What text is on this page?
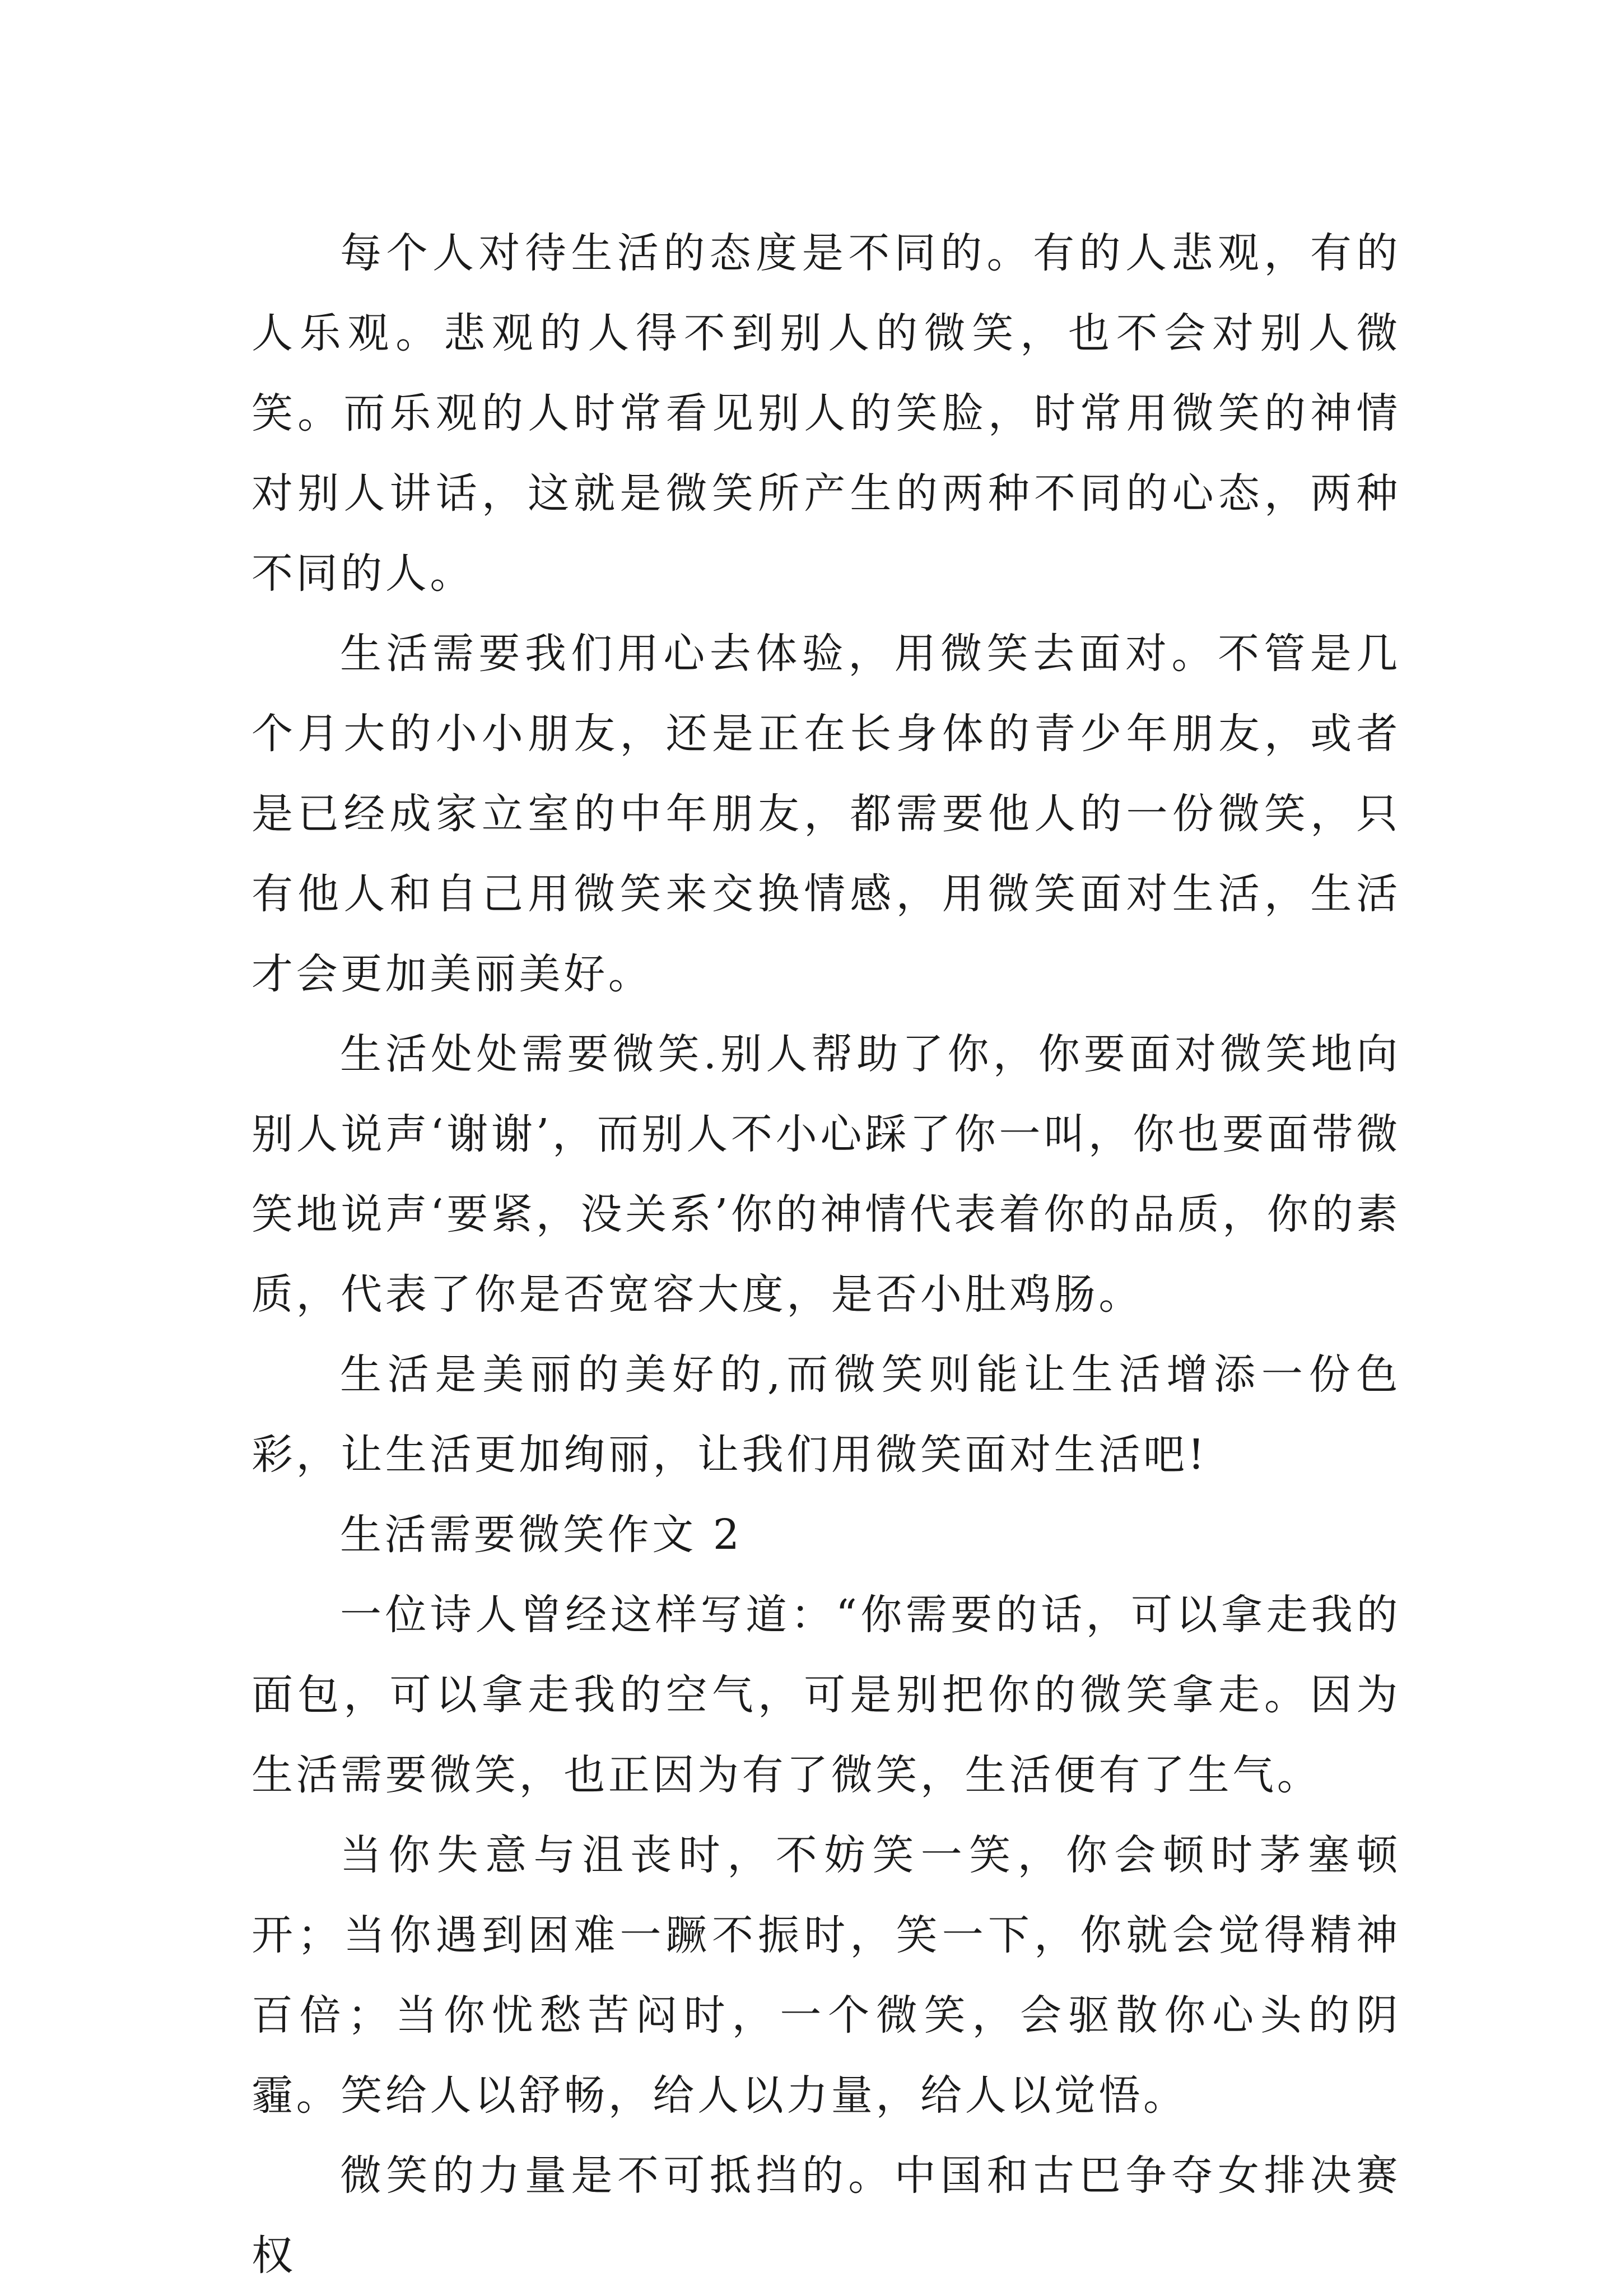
每个人对待生活的态度是不同的。有的人悲观，有的人乐观。悲观的人得不到别人的微笑，也不会对别人微笑。而乐观的人时常看见别人的笑脸，时常用微笑的神情对别人讲话，这就是微笑所产生的两种不同的心态，两种不同的人。

生活需要我们用心去体验，用微笑去面对。不管是几个月大的小小朋友，还是正在长身体的青少年朋友，或者是已经成家立室的中年朋友，都需要他人的一份微笑，只有他人和自己用微笑来交换情感，用微笑面对生活，生活才会更加美丽美好。

生活处处需要微笑.别人帮助了你，你要面对微笑地向别人说声‘谢谢’，而别人不小心踩了你一叫，你也要面带微笑地说声‘要紧，没关系’你的神情代表着你的品质，你的素质，代表了你是否宽容大度，是否小肚鸡肠。

生活是美丽的美好的,而微笑则能让生活增添一份色彩，让生活更加绚丽，让我们用微笑面对生活吧!

生活需要微笑作文 2

一位诗人曾经这样写道：“你需要的话，可以拿走我的面包，可以拿走我的空气，可是别把你的微笑拿走。因为生活需要微笑，也正因为有了微笑，生活便有了生气。

当你失意与沮丧时，不妨笑一笑，你会顿时茅塞顿开；当你遇到困难一蹶不振时，笑一下，你就会觉得精神百倍；当你忧愁苦闷时，一个微笑，会驱散你心头的阴霾。笑给人以舒畅，给人以力量，给人以觉悟。

微笑的力量是不可抵挡的。中国和古巴争夺女排决赛权
